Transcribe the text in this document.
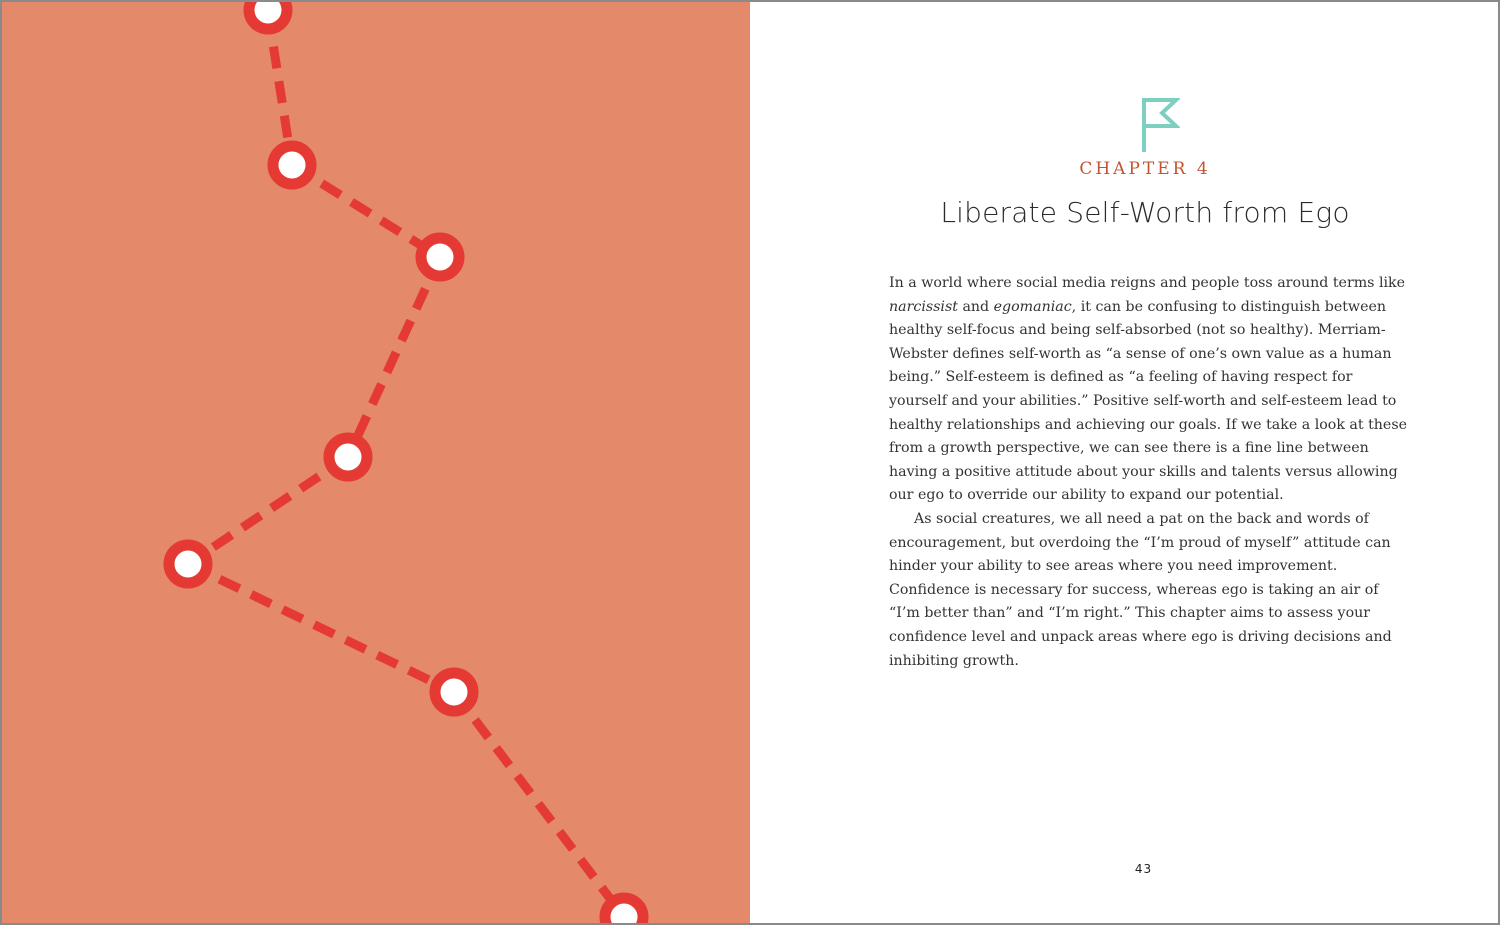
CHAPTER 4
Liberate Self-Worth from Ego

In a world where social media reigns and people toss around terms like narcissist and egomaniac, it can be confusing to distinguish between healthy self-focus and being self-absorbed (not so healthy). Merriam-Webster defines self-worth as “a sense of one’s own value as a human being.” Self-esteem is defined as “a feeling of having respect for yourself and your abilities.” Positive self-worth and self-esteem lead to healthy relationships and achieving our goals. If we take a look at these from a growth perspective, we can see there is a fine line between having a positive attitude about your skills and talents versus allowing our ego to override our ability to expand our potential.

As social creatures, we all need a pat on the back and words of encouragement, but overdoing the “I’m proud of myself” attitude can hinder your ability to see areas where you need improvement. Confidence is necessary for success, whereas ego is taking an air of “I’m better than” and “I’m right.” This chapter aims to assess your confidence level and unpack areas where ego is driving decisions and inhibiting growth.

43
